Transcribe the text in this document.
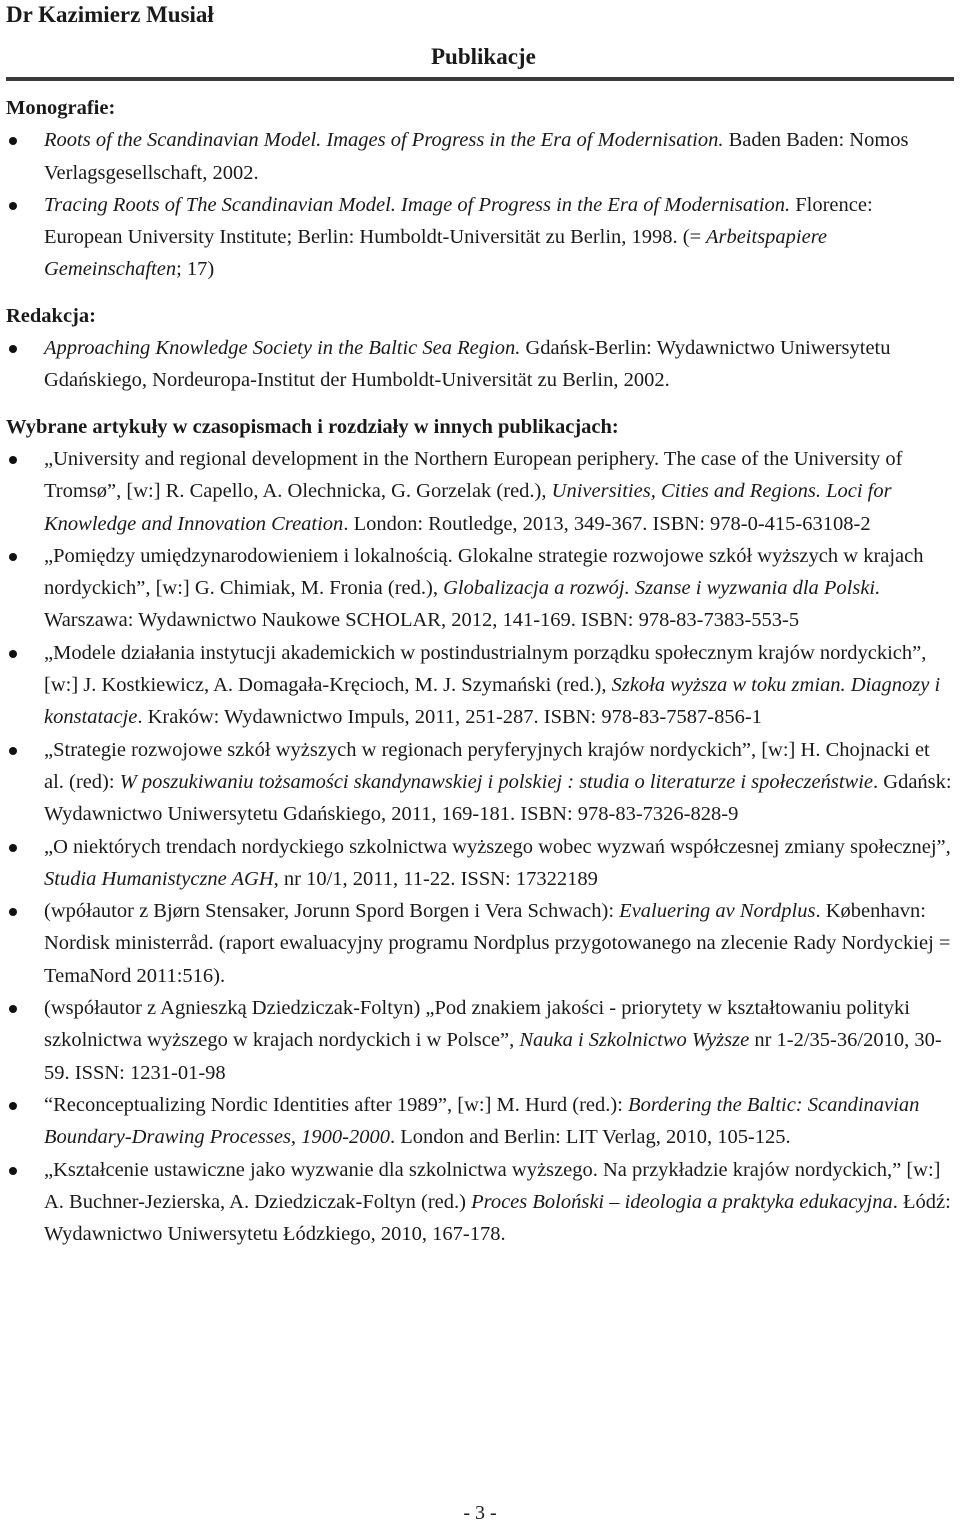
Dr Kazimierz Musiał
Publikacje

Monografie:

Roots of the Scandinavian Model. Images of Progress in the Era of Modernisation. Baden Baden: Nomos Verlagsgesellschaft, 2002.
Tracing Roots of The Scandinavian Model. Image of Progress in the Era of Modernisation. Florence: European University Institute; Berlin: Humboldt-Universität zu Berlin, 1998. (= Arbeitspapiere Gemeinschaften; 17)

Redakcja:

Approaching Knowledge Society in the Baltic Sea Region. Gdańsk-Berlin: Wydawnictwo Uniwersytetu Gdańskiego, Nordeuropa-Institut der Humboldt-Universität zu Berlin, 2002.

Wybrane artykuły w czasopismach i rozdziały w innych publikacjach:

„University and regional development in the Northern European periphery. The case of the University of Tromsø”, [w:] R. Capello, A. Olechnicka, G. Gorzelak (red.), Universities, Cities and Regions. Loci for Knowledge and Innovation Creation. London: Routledge, 2013, 349-367. ISBN: 978-0-415-63108-2
„Pomiędzy umiędzynarodowieniem i lokalnością. Glokalne strategie rozwojowe szkół wyższych w krajach nordyckich”, [w:] G. Chimiak, M. Fronia (red.), Globalizacja a rozwój. Szanse i wyzwania dla Polski. Warszawa: Wydawnictwo Naukowe SCHOLAR, 2012, 141-169. ISBN: 978-83-7383-553-5
„Modele działania instytucji akademickich w postindustrialnym porządku społecznym krajów nordyckich”, [w:] J. Kostkiewicz, A. Domagała-Kręcioch, M. J. Szymański (red.), Szkoła wyższa w toku zmian. Diagnozy i konstatacje. Kraków: Wydawnictwo Impuls, 2011, 251-287. ISBN: 978-83-7587-856-1
„Strategie rozwojowe szkół wyższych w regionach peryferyjnych krajów nordyckich”, [w:] H. Chojnacki et al. (red): W poszukiwaniu tożsamości skandynawskiej i polskiej : studia o literaturze i społeczeństwie. Gdańsk: Wydawnictwo Uniwersytetu Gdańskiego, 2011, 169-181. ISBN: 978-83-7326-828-9
„O niektórych trendach nordyckiego szkolnictwa wyższego wobec wyzwań współczesnej zmiany społecznej”, Studia Humanistyczne AGH, nr 10/1, 2011, 11-22. ISSN: 17322189
(wpółautor z Bjørn Stensaker, Jorunn Spord Borgen i Vera Schwach): Evaluering av Nordplus. København: Nordisk ministerråd. (raport ewaluacyjny programu Nordplus przygotowanego na zlecenie Rady Nordyckiej = TemaNord 2011:516).
(współautor z Agnieszką Dziedziczak-Foltyn) „Pod znakiem jakości - priorytety w kształtowaniu polityki szkolnictwa wyższego w krajach nordyckich i w Polsce”, Nauka i Szkolnictwo Wyższe nr 1-2/35-36/2010, 30-59. ISSN: 1231-01-98
“Reconceptualizing Nordic Identities after 1989”, [w:] M. Hurd (red.): Bordering the Baltic: Scandinavian Boundary-Drawing Processes, 1900-2000. London and Berlin: LIT Verlag, 2010, 105-125.
„Kształcenie ustawiczne jako wyzwanie dla szkolnictwa wyższego. Na przykładzie krajów nordyckich,” [w:] A. Buchner-Jezierska, A. Dziedziczak-Foltyn (red.) Proces Boloński – ideologia a praktyka edukacyjna. Łódź: Wydawnictwo Uniwersytetu Łódzkiego, 2010, 167-178.
- 3 -
